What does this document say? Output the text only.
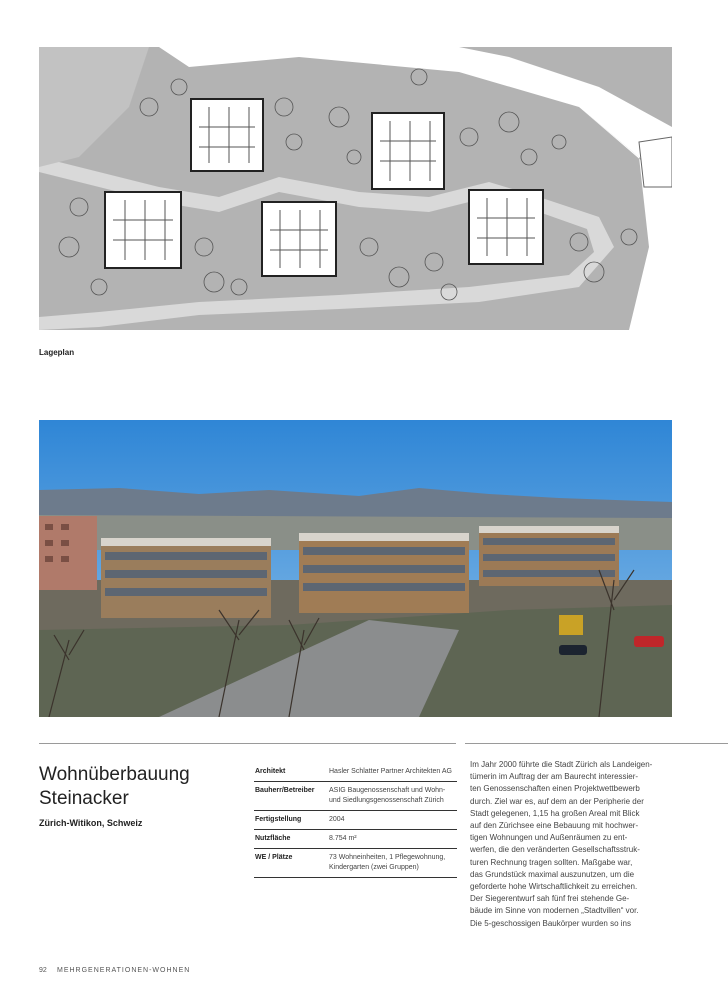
Lageplan
Wohnüberbauung
Steinacker
Zürich-Witikon, Schweiz
Architekt	Hasler Schlatter Partner Architekten AG
Bauherr/Betreiber	ASIG Baugenossenschaft und Wohn-
und Siedlungsgenossenschaft Zürich
Fertigstellung	2004
Nutzfläche	8.754 m²
WE / Plätze	73 Wohneinheiten, 1 Pflegewohnung,
Kindergarten (zwei Gruppen)
Im Jahr 2000 führte die Stadt Zürich als Landeigen-
tümerin im Auftrag der am Baurecht interessier-
ten Genossenschaften einen Projektwettbewerb
durch. Ziel war es, auf dem an der Peripherie der
Stadt gelegenen, 1,15 ha großen Areal mit Blick
auf den Zürichsee eine Bebauung mit hochwer-
tigen Wohnungen und Außenräumen zu ent-
werfen, die den veränderten Gesellschaftsstruk-
turen Rechnung tragen sollten. Maßgabe war,
das Grundstück maximal auszunutzen, um die
geforderte hohe Wirtschaftlichkeit zu erreichen.
Der Siegerentwurf sah fünf frei stehende Ge-
bäude im Sinne von modernen „Stadtvillen“ vor.
Die 5-geschossigen Baukörper wurden so ins
92 MEHRGENERATIONEN-WOHNEN
